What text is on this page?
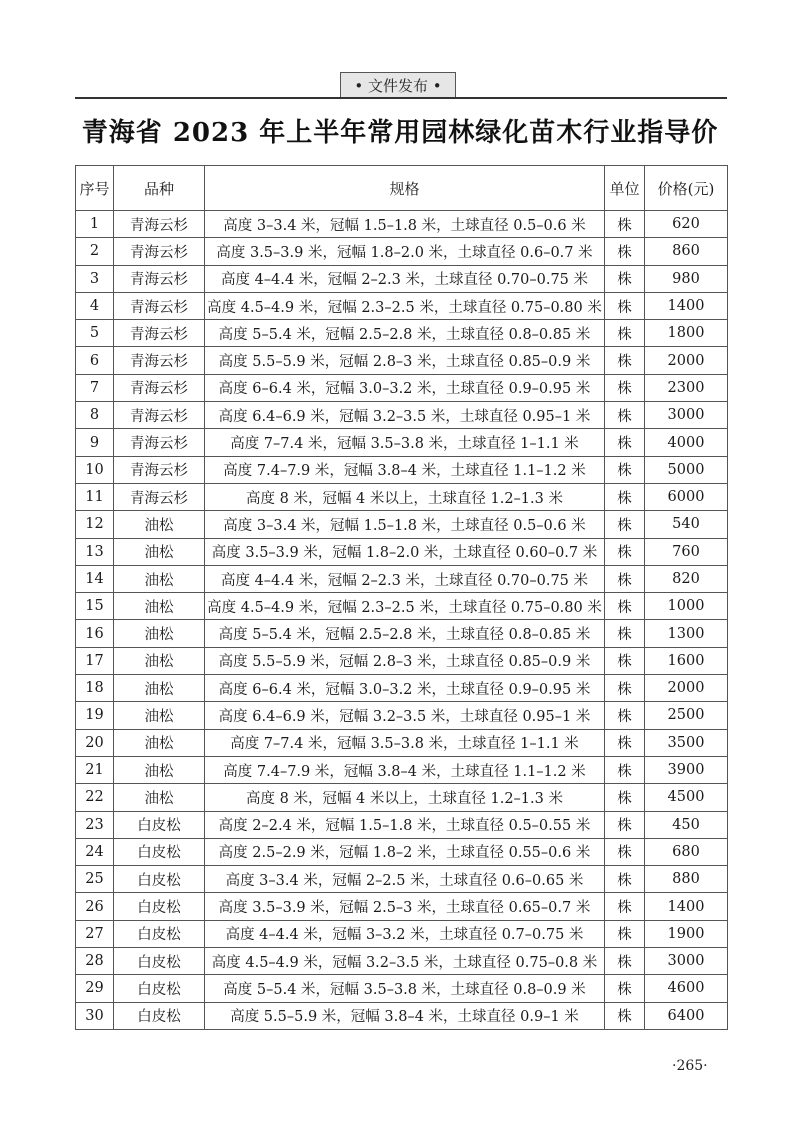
• 文件发布 •
青海省 2023 年上半年常用园林绿化苗木行业指导价
序号	品种	规格	单位	价格(元)
1	青海云杉	高度 3–3.4 米，冠幅 1.5–1.8 米，土球直径 0.5–0.6 米	株	620
2	青海云杉	高度 3.5–3.9 米，冠幅 1.8–2.0 米，土球直径 0.6–0.7 米	株	860
3	青海云杉	高度 4–4.4 米，冠幅 2–2.3 米，土球直径 0.70–0.75 米	株	980
4	青海云杉	高度 4.5–4.9 米，冠幅 2.3–2.5 米，土球直径 0.75–0.80 米	株	1400
5	青海云杉	高度 5–5.4 米，冠幅 2.5–2.8 米，土球直径 0.8–0.85 米	株	1800
6	青海云杉	高度 5.5–5.9 米，冠幅 2.8–3 米，土球直径 0.85–0.9 米	株	2000
7	青海云杉	高度 6–6.4 米，冠幅 3.0–3.2 米，土球直径 0.9–0.95 米	株	2300
8	青海云杉	高度 6.4–6.9 米，冠幅 3.2–3.5 米，土球直径 0.95–1 米	株	3000
9	青海云杉	高度 7–7.4 米，冠幅 3.5–3.8 米，土球直径 1–1.1 米	株	4000
10	青海云杉	高度 7.4–7.9 米，冠幅 3.8–4 米，土球直径 1.1–1.2 米	株	5000
11	青海云杉	高度 8 米，冠幅 4 米以上，土球直径 1.2–1.3 米	株	6000
12	油松	高度 3–3.4 米，冠幅 1.5–1.8 米，土球直径 0.5–0.6 米	株	540
13	油松	高度 3.5–3.9 米，冠幅 1.8–2.0 米，土球直径 0.60–0.7 米	株	760
14	油松	高度 4–4.4 米，冠幅 2–2.3 米，土球直径 0.70–0.75 米	株	820
15	油松	高度 4.5–4.9 米，冠幅 2.3–2.5 米，土球直径 0.75–0.80 米	株	1000
16	油松	高度 5–5.4 米，冠幅 2.5–2.8 米，土球直径 0.8–0.85 米	株	1300
17	油松	高度 5.5–5.9 米，冠幅 2.8–3 米，土球直径 0.85–0.9 米	株	1600
18	油松	高度 6–6.4 米，冠幅 3.0–3.2 米，土球直径 0.9–0.95 米	株	2000
19	油松	高度 6.4–6.9 米，冠幅 3.2–3.5 米，土球直径 0.95–1 米	株	2500
20	油松	高度 7–7.4 米，冠幅 3.5–3.8 米，土球直径 1–1.1 米	株	3500
21	油松	高度 7.4–7.9 米，冠幅 3.8–4 米，土球直径 1.1–1.2 米	株	3900
22	油松	高度 8 米，冠幅 4 米以上，土球直径 1.2–1.3 米	株	4500
23	白皮松	高度 2–2.4 米，冠幅 1.5–1.8 米，土球直径 0.5–0.55 米	株	450
24	白皮松	高度 2.5–2.9 米，冠幅 1.8–2 米，土球直径 0.55–0.6 米	株	680
25	白皮松	高度 3–3.4 米，冠幅 2–2.5 米，土球直径 0.6–0.65 米	株	880
26	白皮松	高度 3.5–3.9 米，冠幅 2.5–3 米，土球直径 0.65–0.7 米	株	1400
27	白皮松	高度 4–4.4 米，冠幅 3–3.2 米，土球直径 0.7–0.75 米	株	1900
28	白皮松	高度 4.5–4.9 米，冠幅 3.2–3.5 米，土球直径 0.75–0.8 米	株	3000
29	白皮松	高度 5–5.4 米，冠幅 3.5–3.8 米，土球直径 0.8–0.9 米	株	4600
30	白皮松	高度 5.5–5.9 米，冠幅 3.8–4 米，土球直径 0.9–1 米	株	6400
·265·
